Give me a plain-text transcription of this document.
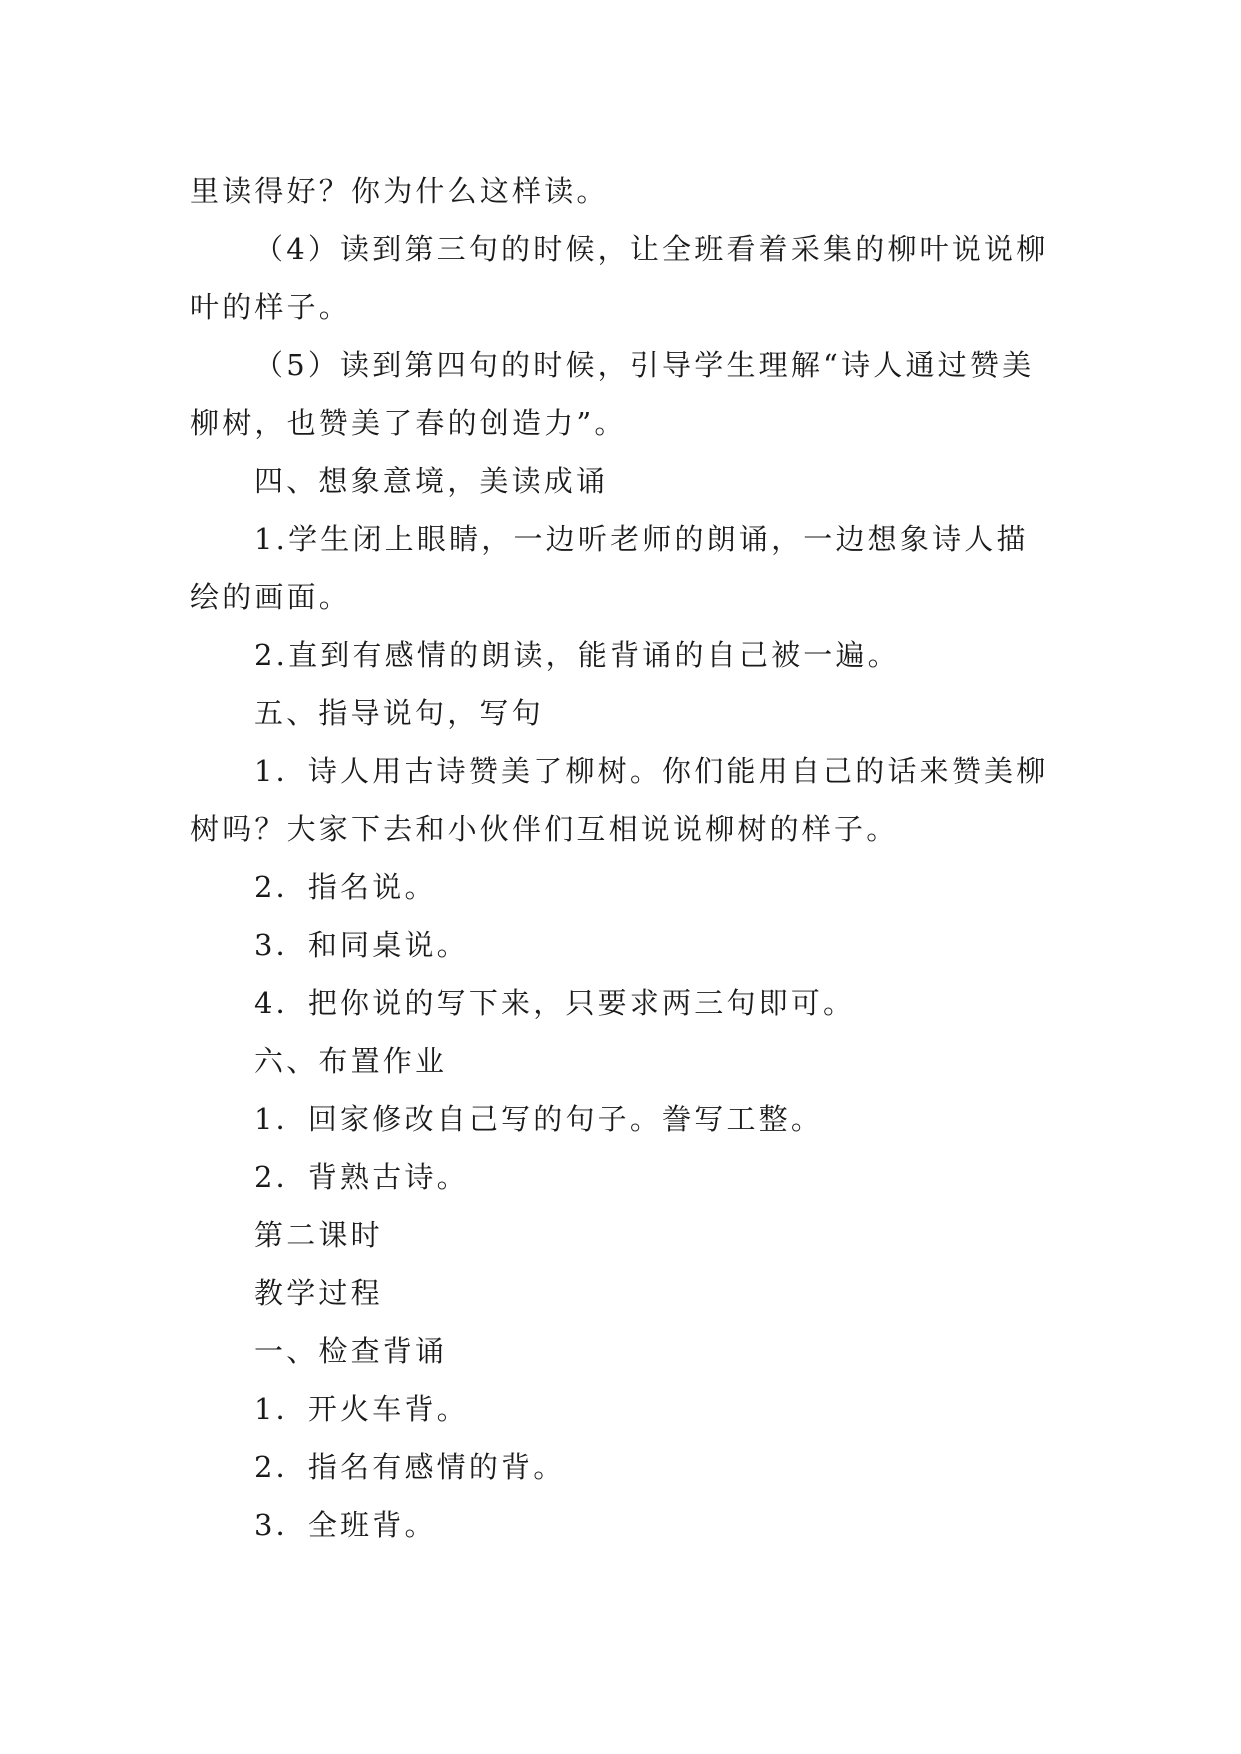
里读得好？你为什么这样读。

（4）读到第三句的时候，让全班看着采集的柳叶说说柳叶的样子。

（5）读到第四句的时候，引导学生理解“诗人通过赞美柳树，也赞美了春的创造力”。

四、想象意境，美读成诵

1.学生闭上眼睛，一边听老师的朗诵，一边想象诗人描绘的画面。

2.直到有感情的朗读，能背诵的自己被一遍。

五、指导说句，写句

1．诗人用古诗赞美了柳树。你们能用自己的话来赞美柳树吗？大家下去和小伙伴们互相说说柳树的样子。

2．指名说。

3．和同桌说。

4．把你说的写下来，只要求两三句即可。

六、布置作业

1．回家修改自己写的句子。誊写工整。

2．背熟古诗。

第二课时

教学过程

一、检查背诵

1．开火车背。

2．指名有感情的背。

3．全班背。
